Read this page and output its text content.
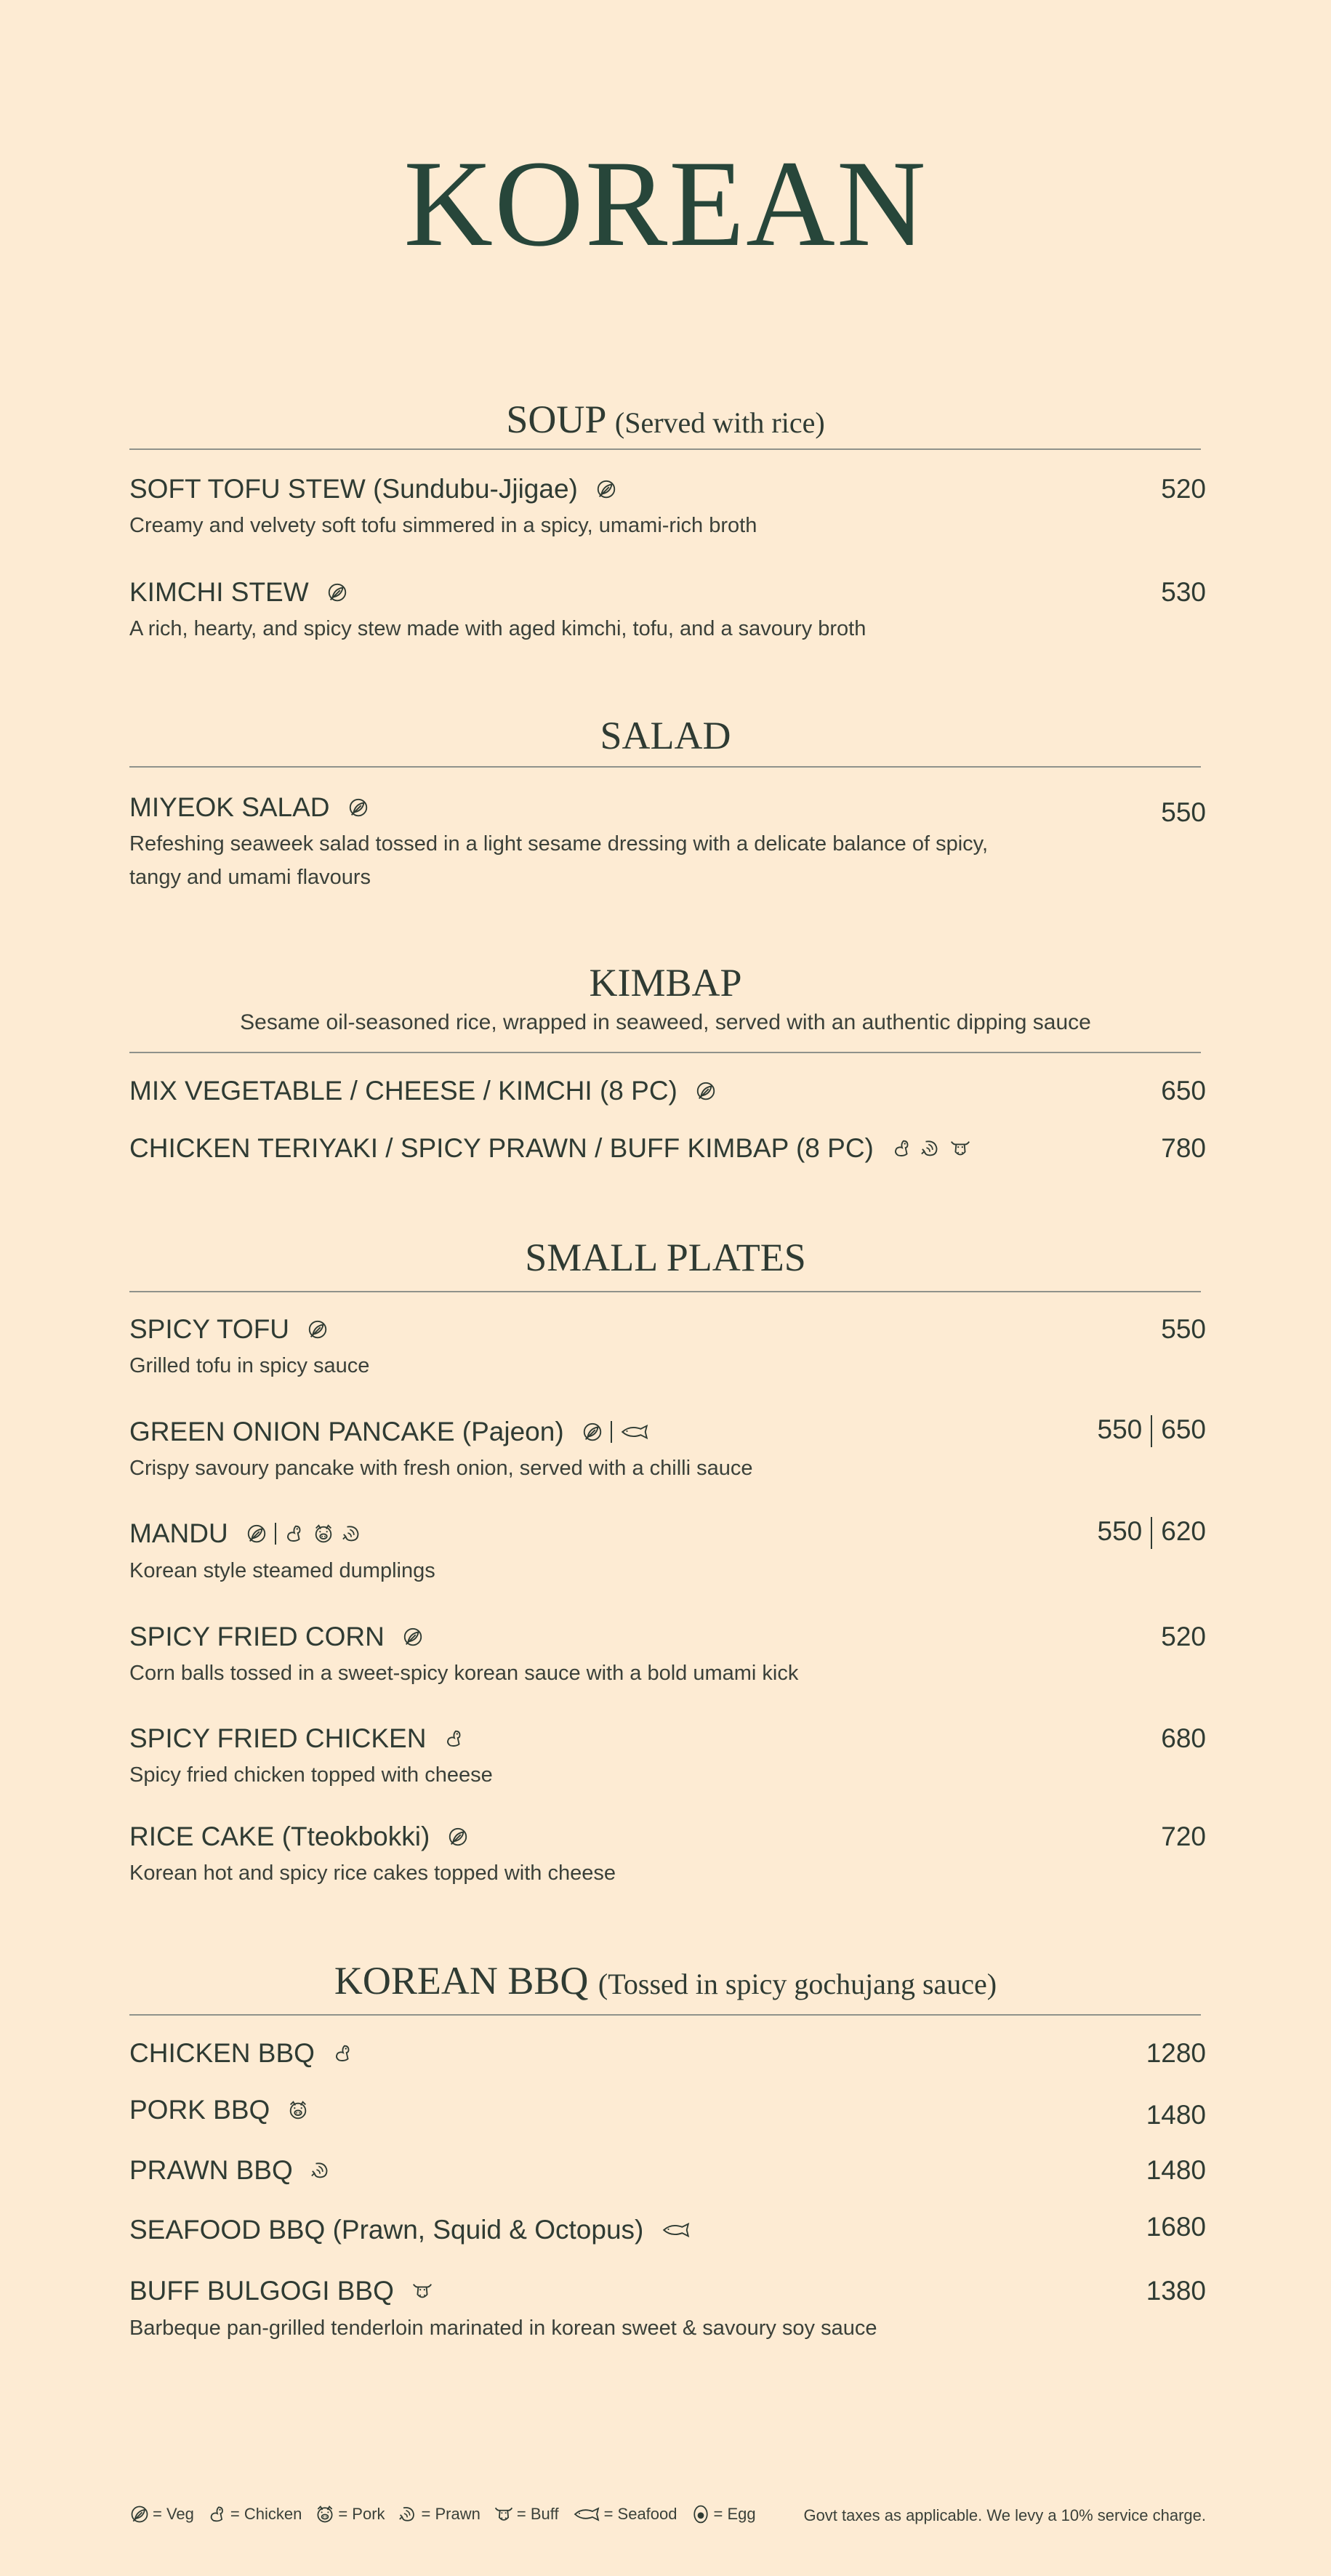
KOREAN
SOUP (Served with rice)
SOFT TOFU STEW (Sundubu-Jjigae)	520
Creamy and velvety soft tofu simmered in a spicy, umami-rich broth
KIMCHI STEW	530
A rich, hearty, and spicy stew made with aged kimchi, tofu, and a savoury broth
SALAD
MIYEOK SALAD	550
Refeshing seaweek salad tossed in a light sesame dressing with a delicate balance of spicy,
tangy and umami flavours
KIMBAP
Sesame oil-seasoned rice, wrapped in seaweed, served with an authentic dipping sauce
MIX VEGETABLE / CHEESE / KIMCHI (8 PC)	650
CHICKEN TERIYAKI / SPICY PRAWN / BUFF KIMBAP (8 PC)	780
SMALL PLATES
SPICY TOFU	550
Grilled tofu in spicy sauce
GREEN ONION PANCAKE (Pajeon)	550 650
Crispy savoury pancake with fresh onion, served with a chilli sauce
MANDU	550 620
Korean style steamed dumplings
SPICY FRIED CORN	520
Corn balls tossed in a sweet-spicy korean sauce with a bold umami kick
SPICY FRIED CHICKEN	680
Spicy fried chicken topped with cheese
RICE CAKE (Tteokbokki)	720
Korean hot and spicy rice cakes topped with cheese
KOREAN BBQ (Tossed in spicy gochujang sauce)
CHICKEN BBQ	1280
PORK BBQ	1480
PRAWN BBQ	1480
SEAFOOD BBQ (Prawn, Squid & Octopus)	1680
BUFF BULGOGI BBQ	1380
Barbeque pan-grilled tenderloin marinated in korean sweet & savoury soy sauce
= Veg = Chicken = Pork = Prawn = Buff	= Seafood = Egg	Govt taxes as applicable. We levy a 10% service charge.
